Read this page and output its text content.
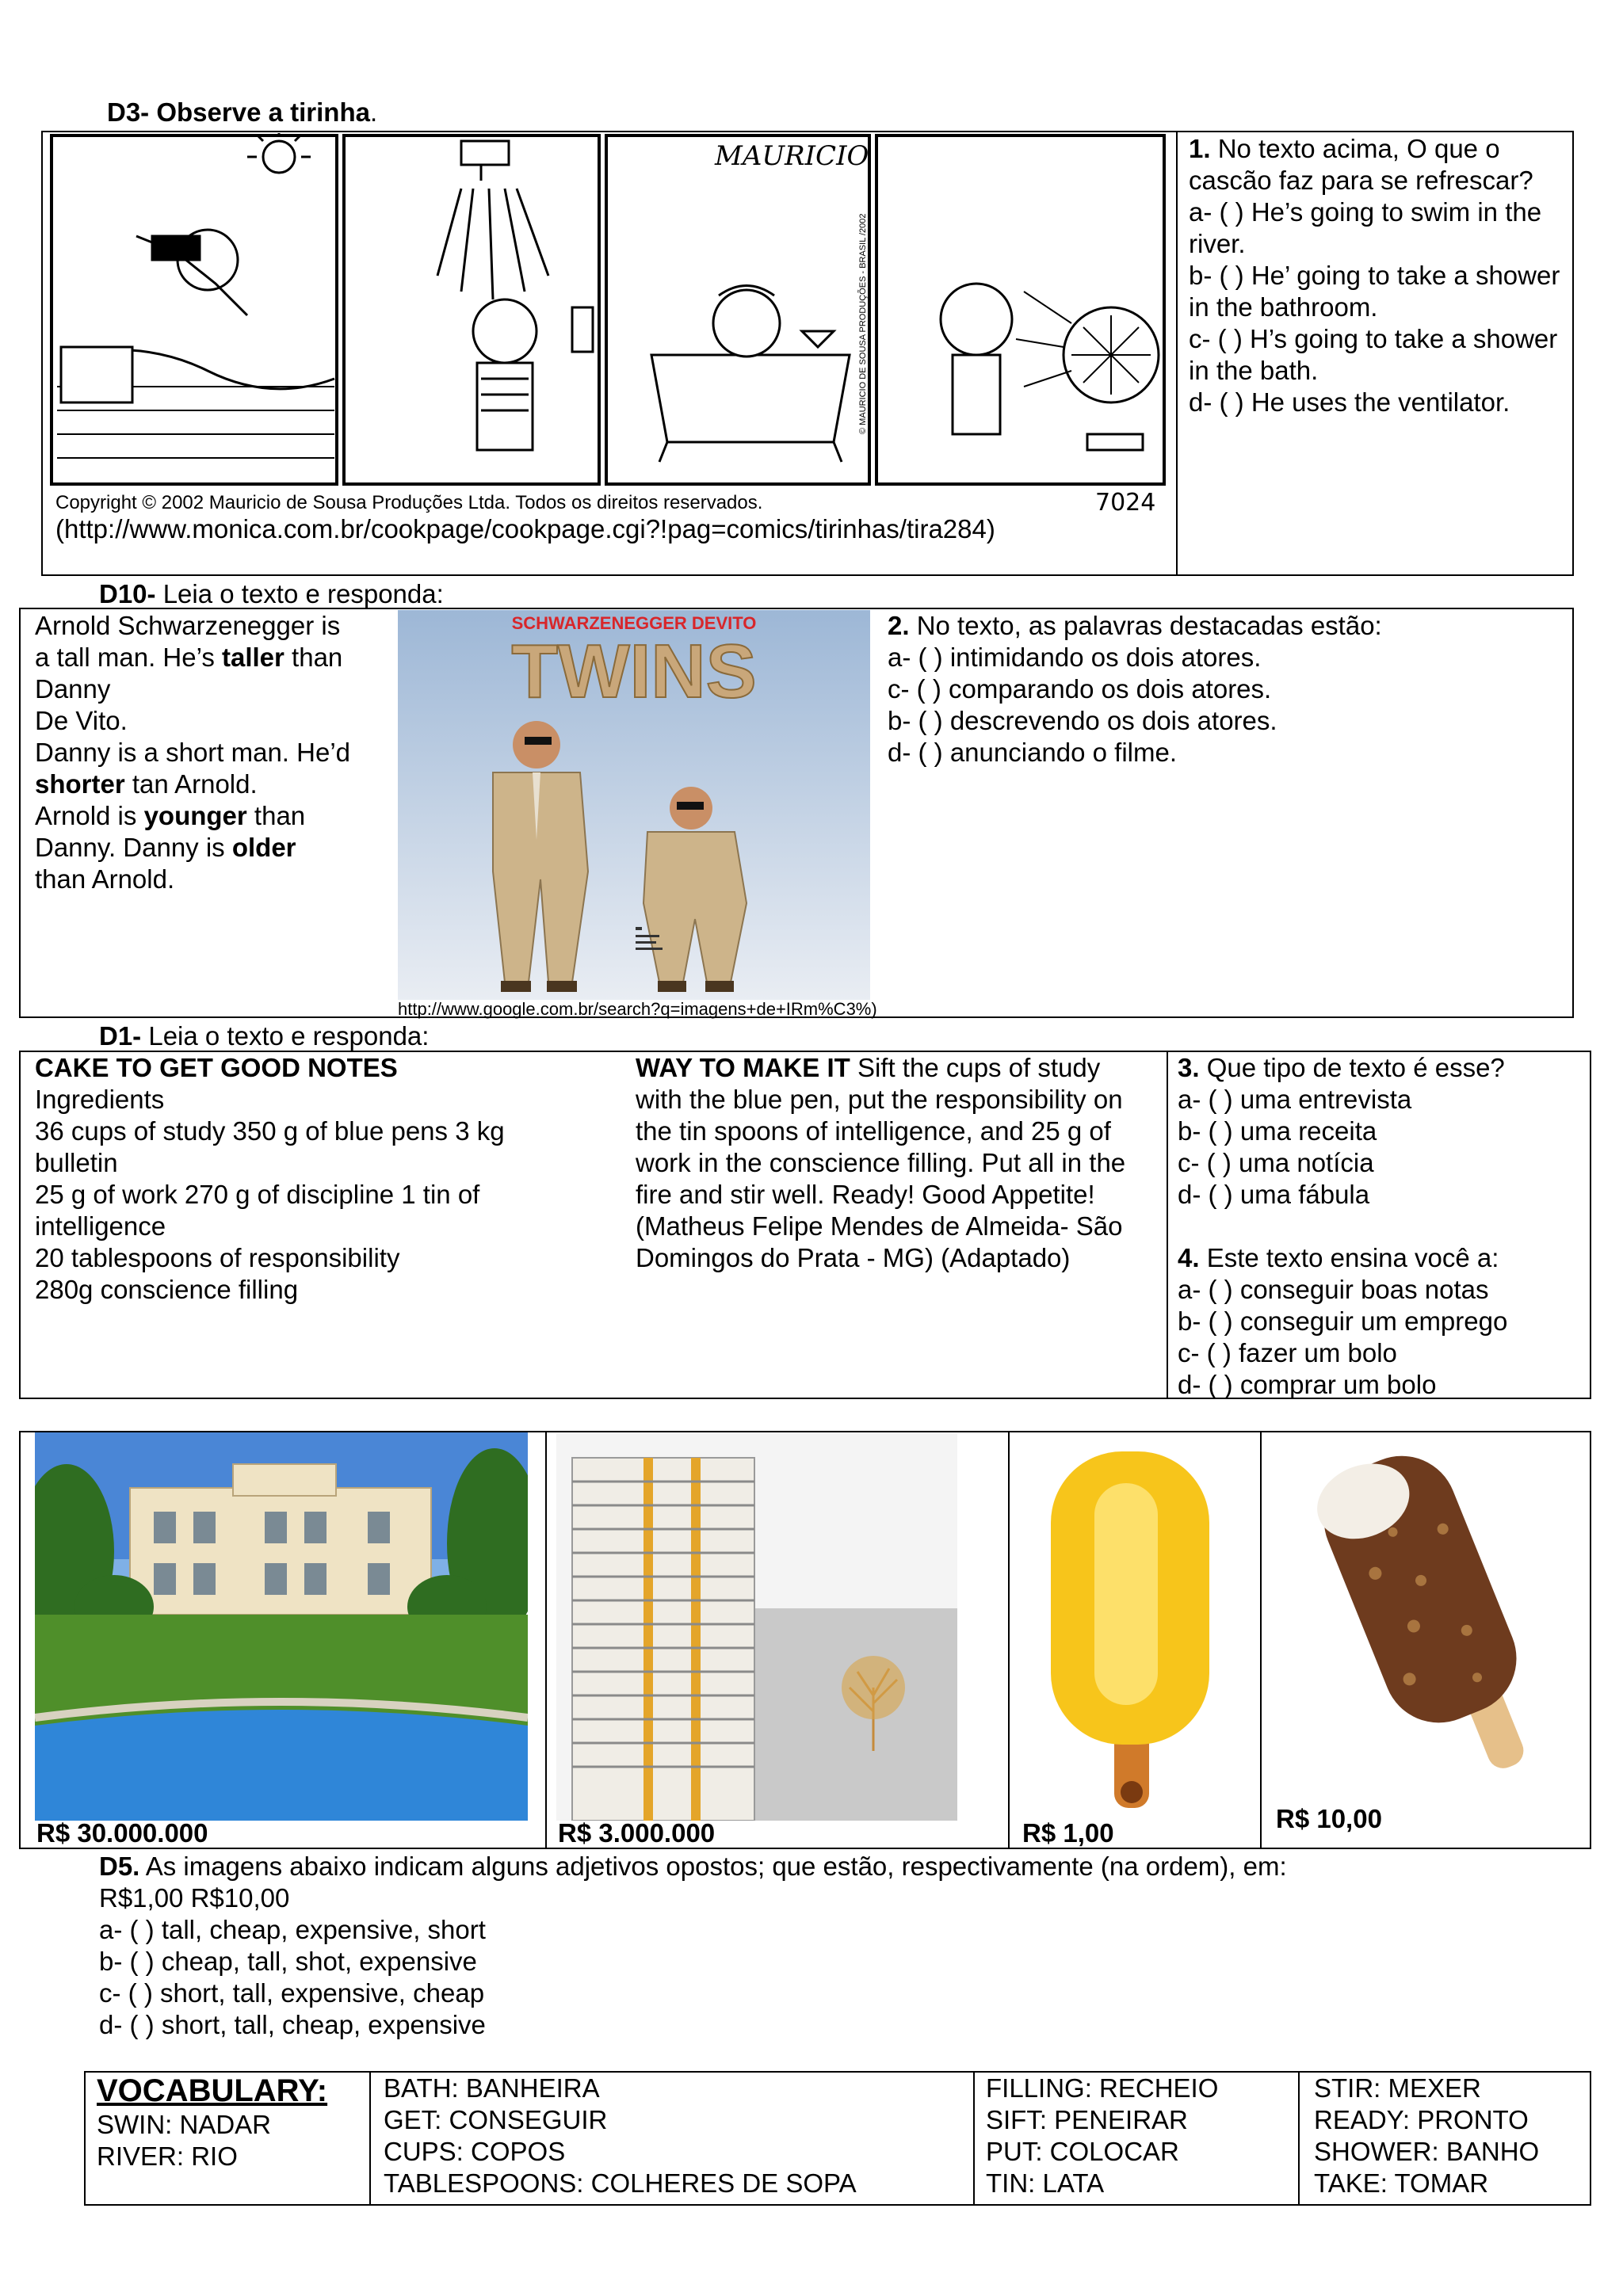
D3- Observe a tirinha.
MAURICIO
© MAURICIO DE SOUSA PRODUÇÕES - BRASIL /2002
Copyright © 2002 Mauricio de Sousa Produções Ltda. Todos os direitos reservados.	7024
(http://www.monica.com.br/cookpage/cookpage.cgi?!pag=comics/tirinhas/tira284)
1. No texto acima, O que o cascão faz para se refrescar?
a- ( ) He’s going to swim in the river.
b- ( ) He’ going to take a shower in the bathroom.
c- ( ) H’s going to take a shower in the bath.
d- ( ) He uses the ventilator.
D10- Leia o texto e responda:
Arnold Schwarzenegger is
a tall man. He’s taller than
Danny
De Vito.
Danny is a short man. He’d
shorter tan Arnold.
Arnold is younger than
Danny. Danny is older
than Arnold.
SCHWARZENEGGER DEVITO
TWINS
http://www.google.com.br/search?q=imagens+de+IRm%C3%)
2. No texto, as palavras destacadas estão:
a- ( ) intimidando os dois atores.
c- ( ) comparando os dois atores.
b- ( ) descrevendo os dois atores.
d- ( ) anunciando o filme.
D1- Leia o texto e responda:
CAKE TO GET GOOD NOTES
Ingredients
36 cups of study 350 g of blue pens 3 kg
bulletin
25 g of work 270 g of discipline 1 tin of
intelligence
20 tablespoons of responsibility
280g conscience filling
WAY TO MAKE IT Sift the cups of study
with the blue pen, put the responsibility on
the tin spoons of intelligence, and 25 g of
work in the conscience filling. Put all in the
fire and stir well. Ready! Good Appetite!
(Matheus Felipe Mendes de Almeida- São
Domingos do Prata - MG) (Adaptado)
3. Que tipo de texto é esse?
a- ( ) uma entrevista
b- ( ) uma receita
c- ( ) uma notícia
d- ( ) uma fábula
4. Este texto ensina você a:
a- ( ) conseguir boas notas
b- ( ) conseguir um emprego
c- ( ) fazer um bolo
d- ( ) comprar um bolo
R$ 30.000.000	R$ 3.000.000	R$ 1,00	R$ 10,00
D5. As imagens abaixo indicam alguns adjetivos opostos; que estão, respectivamente (na ordem), em:
R$1,00 R$10,00
a- ( ) tall, cheap, expensive, short
b- ( ) cheap, tall, shot, expensive
c- ( ) short, tall, expensive, cheap
d- ( ) short, tall, cheap, expensive
VOCABULARY:
SWIN: NADAR
RIVER: RIO
BATH: BANHEIRA
GET: CONSEGUIR
CUPS: COPOS
TABLESPOONS: COLHERES DE SOPA
FILLING: RECHEIO
SIFT: PENEIRAR
PUT: COLOCAR
TIN: LATA
STIR: MEXER
READY: PRONTO
SHOWER: BANHO
TAKE: TOMAR
